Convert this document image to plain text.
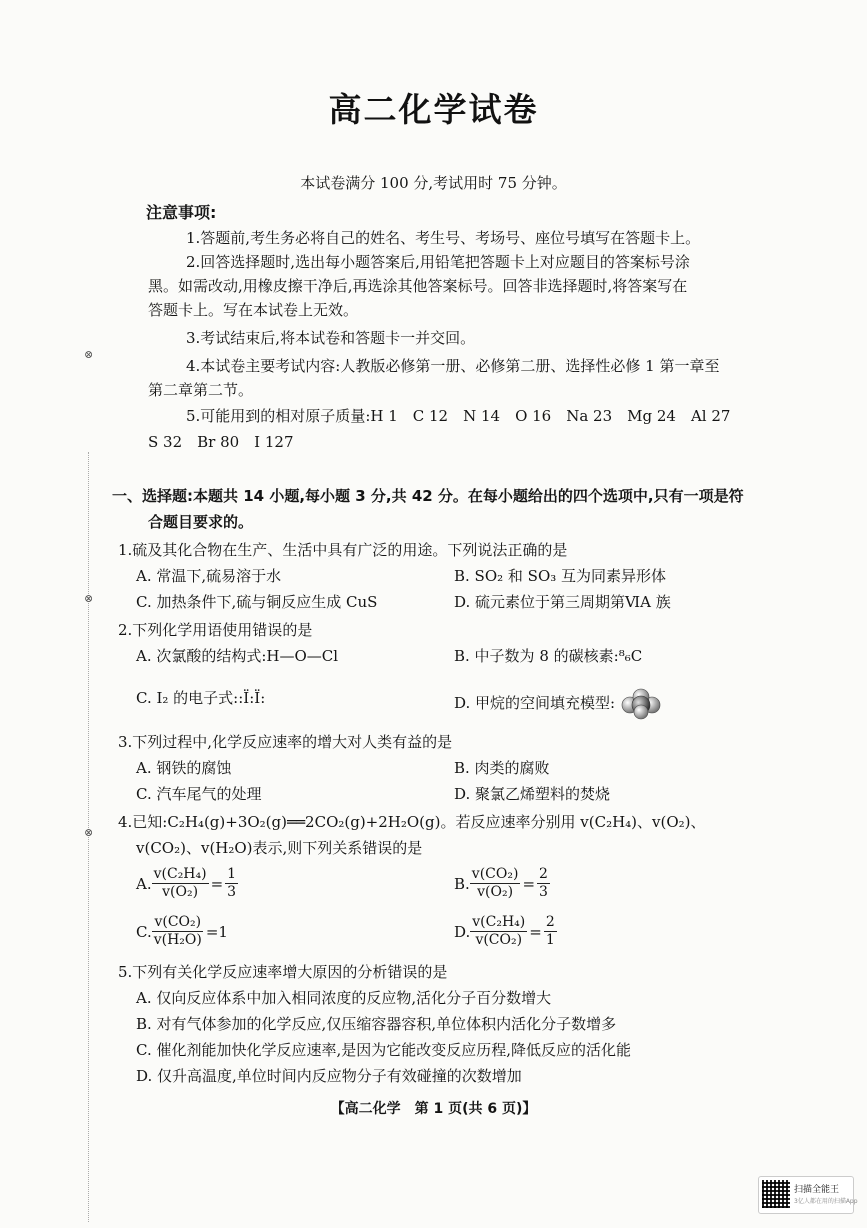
高二化学试卷
本试卷满分 100 分,考试用时 75 分钟。
注意事项:
1.答题前,考生务必将自己的姓名、考生号、考场号、座位号填写在答题卡上。
2.回答选择题时,选出每小题答案后,用铅笔把答题卡上对应题目的答案标号涂
黑。如需改动,用橡皮擦干净后,再选涂其他答案标号。回答非选择题时,将答案写在
答题卡上。写在本试卷上无效。
3.考试结束后,将本试卷和答题卡一并交回。
4.本试卷主要考试内容:人教版必修第一册、必修第二册、选择性必修 1 第一章至
第二章第二节。
5.可能用到的相对原子质量:H 1　C 12　N 14　O 16　Na 23　Mg 24　Al 27
S 32　Br 80　I 127
⊗
⊗
⊗
一、选择题:本题共 14 小题,每小题 3 分,共 42 分。在每小题给出的四个选项中,只有一项是符
合题目要求的。
1.硫及其化合物在生产、生活中具有广泛的用途。下列说法正确的是
A. 常温下,硫易溶于水	B. SO₂ 和 SO₃ 互为同素异形体
C. 加热条件下,硫与铜反应生成 CuS	D. 硫元素位于第三周期第ⅥA 族
2.下列化学用语使用错误的是
A. 次氯酸的结构式:H—O—Cl	B. 中子数为 8 的碳核素:⁸₆C
C. I₂ 的电子式::Ï:Ï:	D. 甲烷的空间填充模型:
3.下列过程中,化学反应速率的增大对人类有益的是
A. 钢铁的腐蚀	B. 肉类的腐败
C. 汽车尾气的处理	D. 聚氯乙烯塑料的焚烧
4.已知:C₂H₄(g)+3O₂(g)══2CO₂(g)+2H₂O(g)。若反应速率分别用 v(C₂H₄)、v(O₂)、
v(CO₂)、v(H₂O)表示,则下列关系错误的是
A. $\frac{\text{v(C₂H₄)}}{\text{v(O₂)}} = \frac{1}{3}$	B. $\frac{\text{v(CO₂)}}{\text{v(O₂)}} = \frac{2}{3}$
C. $\frac{\text{v(CO₂)}}{\text{v(H₂O)}} =1$	D. $\frac{\text{v(C₂H₄)}}{\text{v(CO₂)}} = \frac{2}{1}$
5.下列有关化学反应速率增大原因的分析错误的是
A. 仅向反应体系中加入相同浓度的反应物,活化分子百分数增大
B. 对有气体参加的化学反应,仅压缩容器容积,单位体积内活化分子数增多
C. 催化剂能加快化学反应速率,是因为它能改变反应历程,降低反应的活化能
D. 仅升高温度,单位时间内反应物分子有效碰撞的次数增加
【高二化学　第 1 页(共 6 页)】
扫描全能王
3亿人都在用的扫描App
